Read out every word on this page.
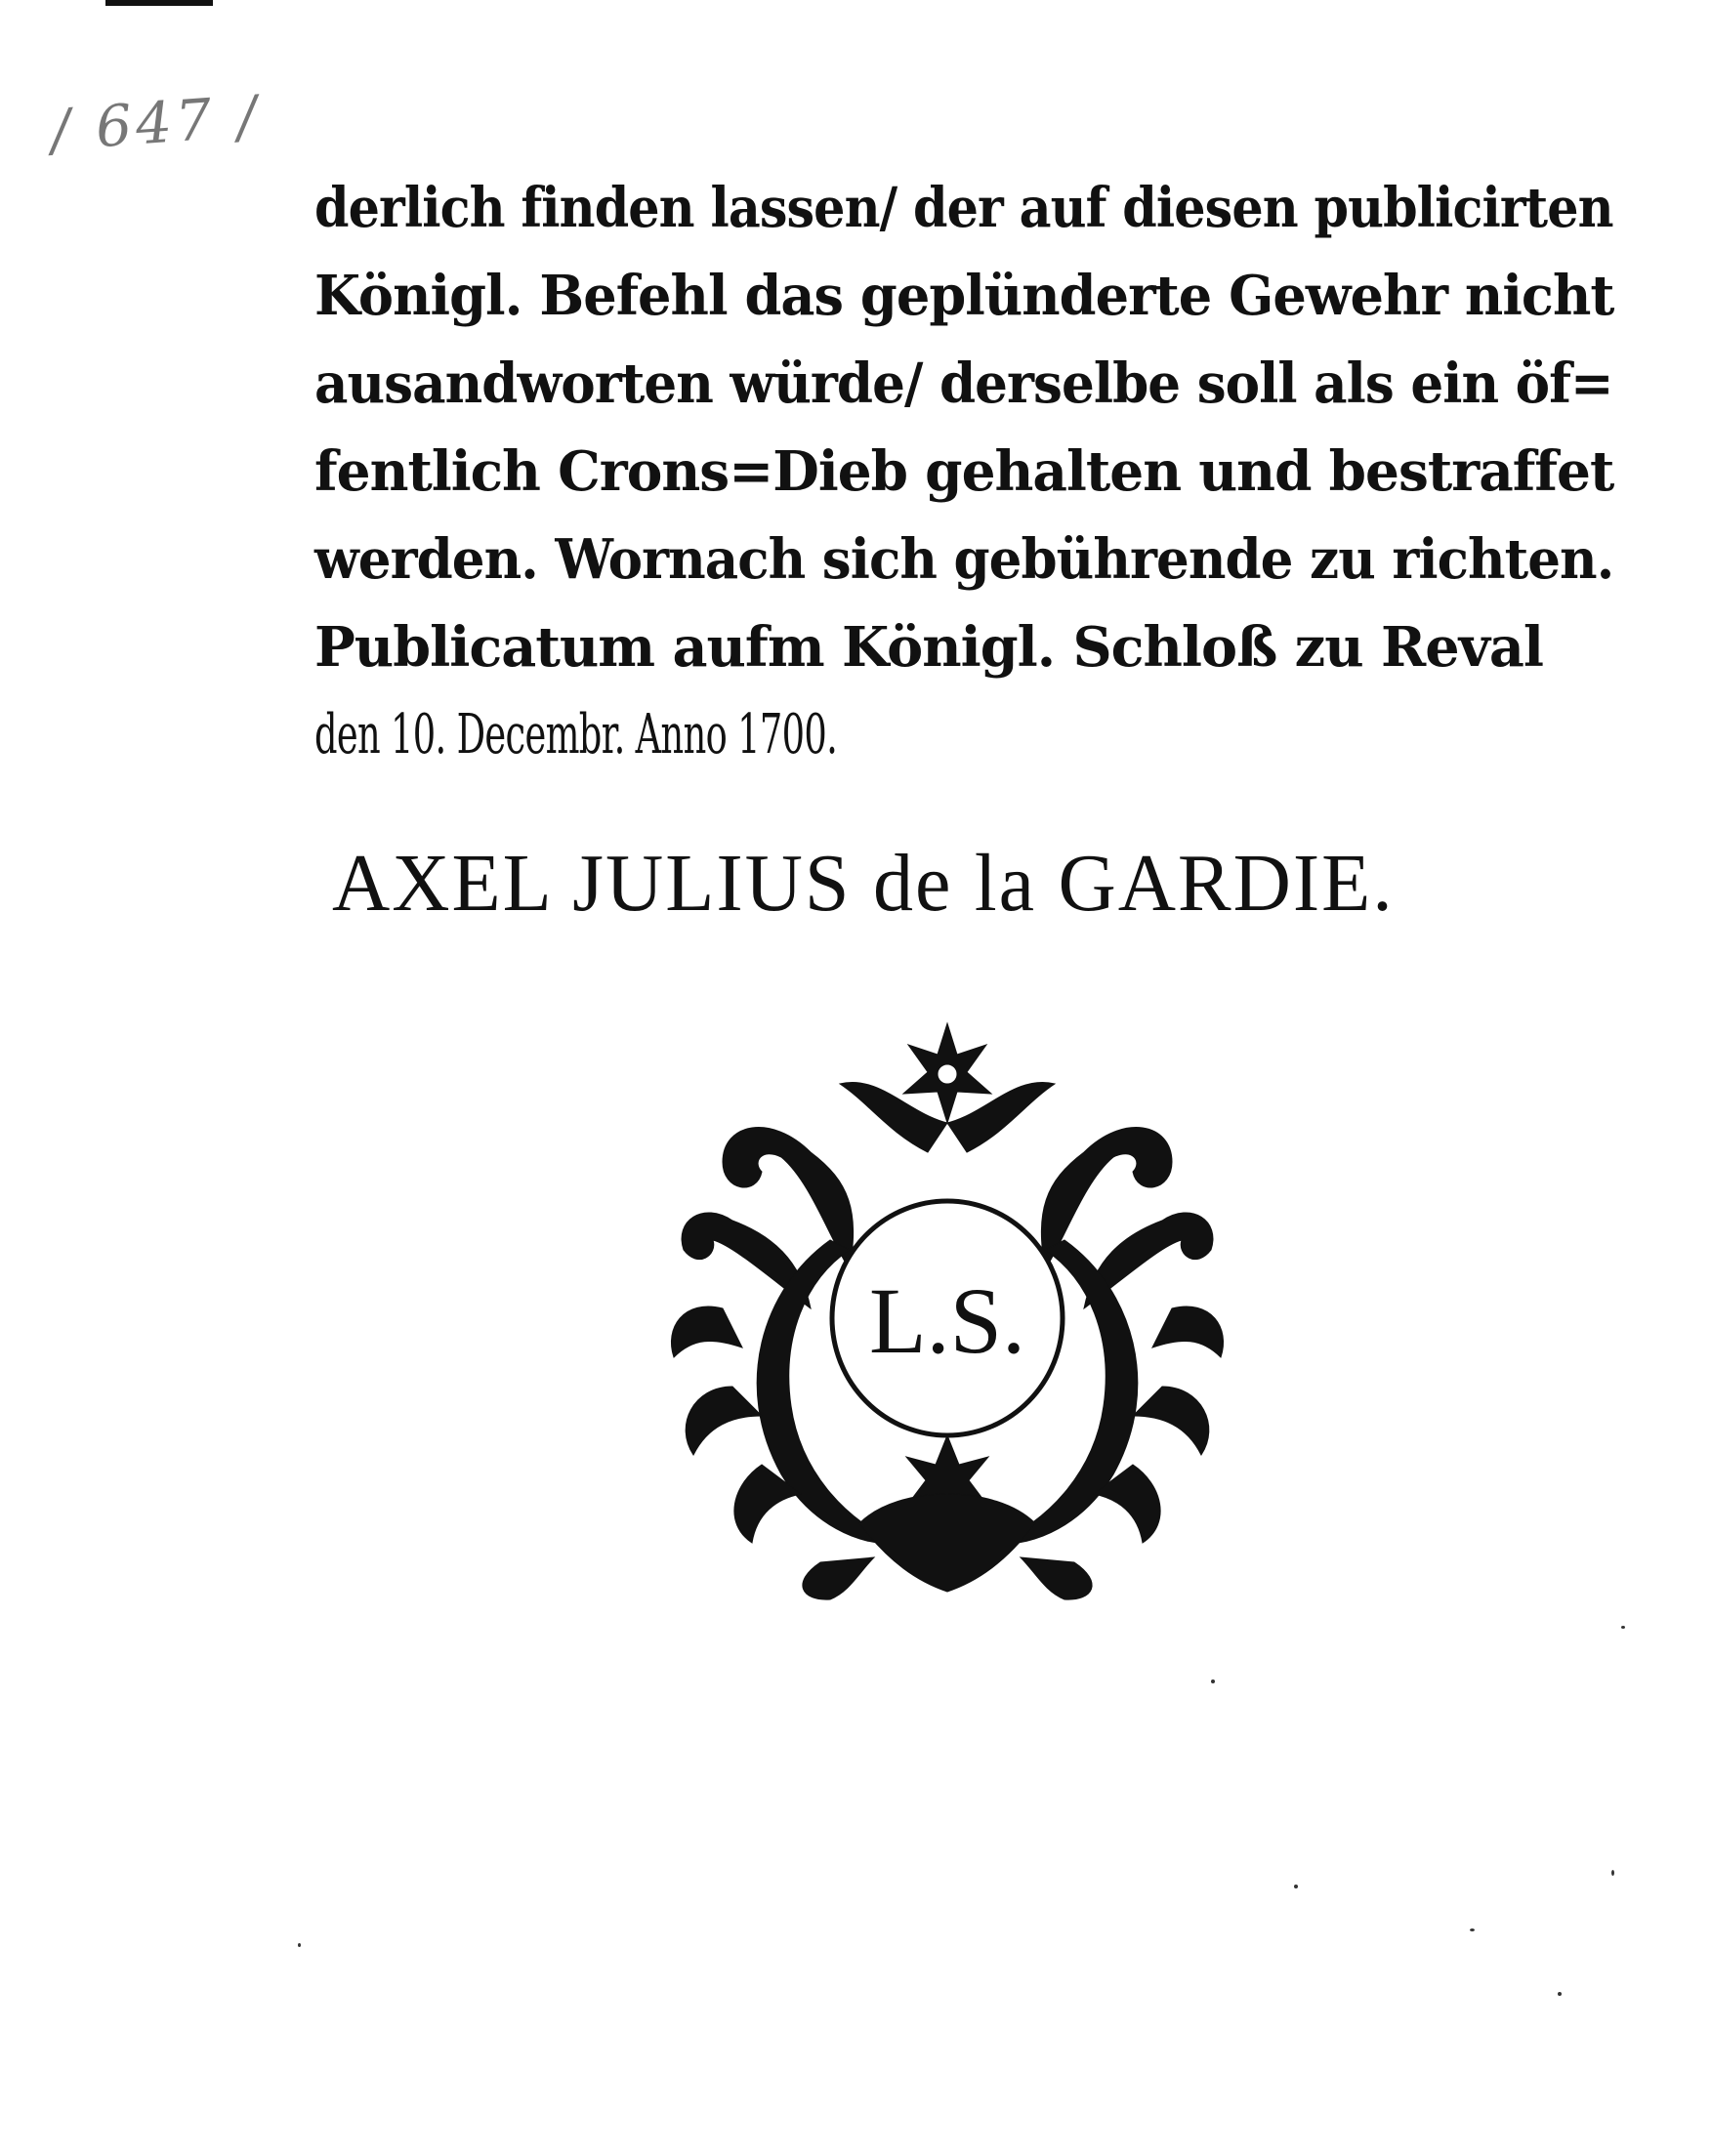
/ 647 /
derlich finden lassen/ der auf diesen publicirten
Königl. Befehl das geplünderte Gewehr nicht
ausandworten würde/ derselbe soll als ein öf=
fentlich Crons=Dieb gehalten und bestraffet
werden. Wornach sich gebührende zu richten.
Publicatum aufm Königl. Schloß zu Reval
den 10. Decembr. Anno 1700.
AXEL JULIUS de la GARDIE.
L.S.
